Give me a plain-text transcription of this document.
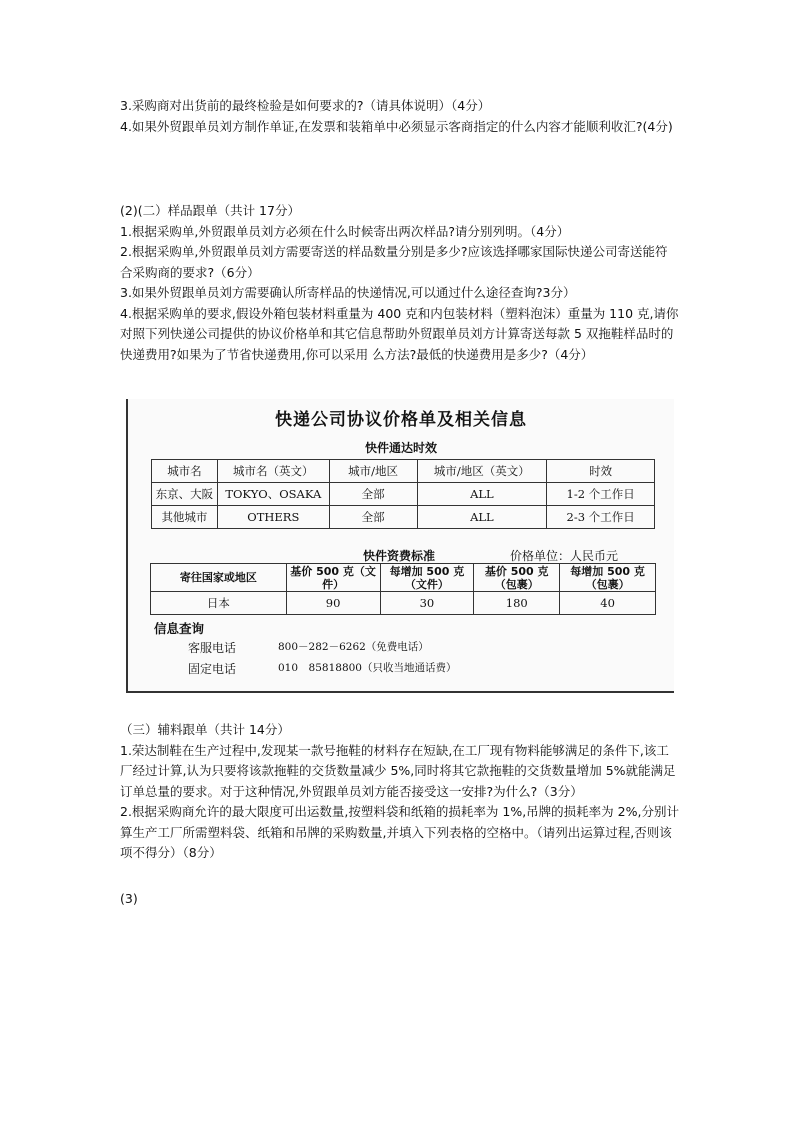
3.采购商对出货前的最终检验是如何要求的?（请具体说明）（4分）

4.如果外贸跟单员刘方制作单证,在发票和装箱单中必须显示客商指定的什么内容才能顺利收汇?(4分)

(2)(二）样品跟单（共计 17分）

1.根据采购单,外贸跟单员刘方必须在什么时候寄出两次样品?请分别列明。（4分）

2.根据采购单,外贸跟单员刘方需要寄送的样品数量分别是多少?应该选择哪家国际快递公司寄送能符合采购商的要求?（6分）

3.如果外贸跟单员刘方需要确认所寄样品的快递情况,可以通过什么途径查询?3分）

4.根据采购单的要求,假设外箱包装材料重量为 400 克和内包装材料（塑料泡沫）重量为 110 克,请你对照下列快递公司提供的协议价格单和其它信息帮助外贸跟单员刘方计算寄送每款 5 双拖鞋样品时的快递费用?如果为了节省快递费用,你可以采用 么方法?最低的快递费用是多少?（4分）

快递公司协议价格单及相关信息
快件通达时效
城市名	城市名（英文）	城市/地区	城市/地区（英文）	时效
东京、大阪	TOKYO、OSAKA	全部	ALL	1-2 个工作日
其他城市	OTHERS	全部	ALL	2-3 个工作日
快件资费标准	价格单位：人民币元
寄往国家或地区	基价 500 克（文件）	每增加 500 克（文件）	基价 500 克（包裹）	每增加 500 克（包裹）
日本	90	30	180	40
信息查询
客服电话	800－282－6262（免费电话）
固定电话	010　85818800（只收当地通话费）

（三）辅料跟单（共计 14分）

1.荣达制鞋在生产过程中,发现某一款号拖鞋的材料存在短缺,在工厂现有物料能够满足的条件下,该工厂经过计算,认为只要将该款拖鞋的交货数量减少 5%,同时将其它款拖鞋的交货数量增加 5%就能满足订单总量的要求。对于这种情况,外贸跟单员刘方能否接受这一安排?为什么?（3分）

2.根据采购商允许的最大限度可出运数量,按塑料袋和纸箱的损耗率为 1%,吊牌的损耗率为 2%,分别计算生产工厂所需塑料袋、纸箱和吊牌的采购数量,并填入下列表格的空格中。（请列出运算过程,否则该项不得分）（8分）

(3)
